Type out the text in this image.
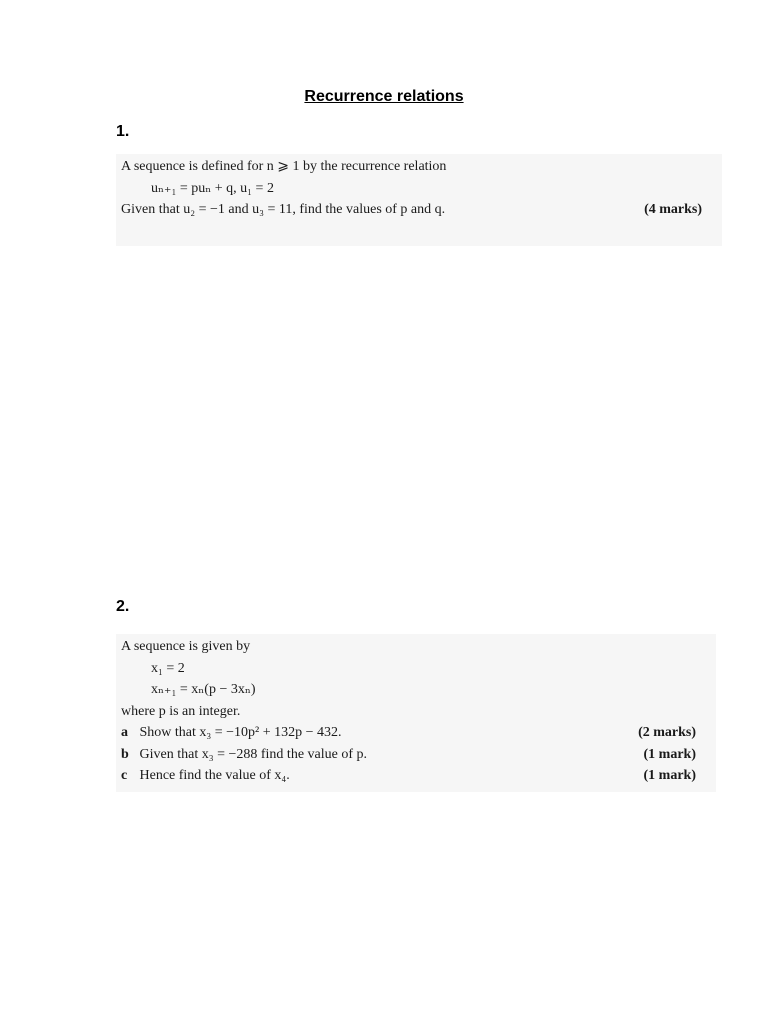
Recurrence relations
1.
A sequence is defined for n ⩾ 1 by the recurrence relation
uₙ₊₁ = puₙ + q, u₁ = 2
Given that u₂ = −1 and u₃ = 11, find the values of p and q.	(4 marks)
2.
A sequence is given by
x₁ = 2
xₙ₊₁ = xₙ(p − 3xₙ)
where p is an integer.
a Show that x₃ = −10p² + 132p − 432.	(2 marks)
b Given that x₃ = −288 find the value of p.	(1 mark)
c Hence find the value of x₄.	(1 mark)
